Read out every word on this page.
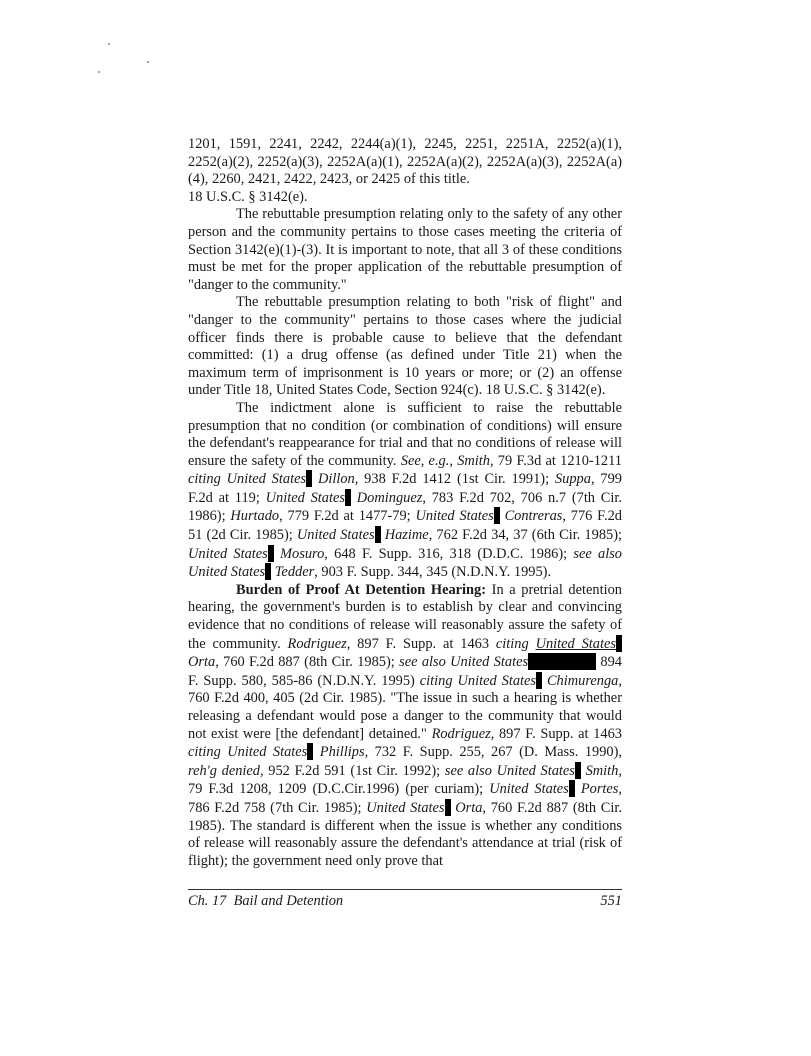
1201, 1591, 2241, 2242, 2244(a)(1), 2245, 2251, 2251A, 2252(a)(1), 2252(a)(2), 2252(a)(3), 2252A(a)(1), 2252A(a)(2), 2252A(a)(3), 2252A(a)(4), 2260, 2421, 2422, 2423, or 2425 of this title.

18 U.S.C. § 3142(e).

The rebuttable presumption relating only to the safety of any other person and the community pertains to those cases meeting the criteria of Section 3142(e)(1)-(3). It is important to note, that all 3 of these conditions must be met for the proper application of the rebuttable presumption of "danger to the community."

The rebuttable presumption relating to both "risk of flight" and "danger to the community" pertains to those cases where the judicial officer finds there is probable cause to believe that the defendant committed: (1) a drug offense (as defined under Title 21) when the maximum term of imprisonment is 10 years or more; or (2) an offense under Title 18, United States Code, Section 924(c). 18 U.S.C. § 3142(e).

The indictment alone is sufficient to raise the rebuttable presumption that no condition (or combination of conditions) will ensure the defendant's reappearance for trial and that no conditions of release will ensure the safety of the community. See, e.g., Smith, 79 F.3d at 1210-1211 citing United States Dillon, 938 F.2d 1412 (1st Cir. 1991); Suppa, 799 F.2d at 119; United States Dominguez, 783 F.2d 702, 706 n.7 (7th Cir. 1986); Hurtado, 779 F.2d at 1477-79; United States Contreras, 776 F.2d 51 (2d Cir. 1985); United States Hazime, 762 F.2d 34, 37 (6th Cir. 1985); United States Mosuro, 648 F. Supp. 316, 318 (D.D.C. 1986); see also United States Tedder, 903 F. Supp. 344, 345 (N.D.N.Y. 1995).

Burden of Proof At Detention Hearing: In a pretrial detention hearing, the government's burden is to establish by clear and convincing evidence that no conditions of release will reasonably assure the safety of the community. Rodriguez, 897 F. Supp. at 1463 citing United States Orta, 760 F.2d 887 (8th Cir. 1985); see also United States	894 F. Supp. 580, 585-86 (N.D.N.Y. 1995) citing United States Chimurenga, 760 F.2d 400, 405 (2d Cir. 1985). "The issue in such a hearing is whether releasing a defendant would pose a danger to the community that would not exist were [the defendant] detained." Rodriguez, 897 F. Supp. at 1463 citing United States Phillips, 732 F. Supp. 255, 267 (D. Mass. 1990), reh'g denied, 952 F.2d 591 (1st Cir. 1992); see also United States Smith, 79 F.3d 1208, 1209 (D.C.Cir.1996) (per curiam); United States Portes, 786 F.2d 758 (7th Cir. 1985); United States Orta, 760 F.2d 887 (8th Cir. 1985). The standard is different when the issue is whether any conditions of release will reasonably assure the defendant's attendance at trial (risk of flight); the government need only prove that

Ch. 17  Bail and Detention	551
